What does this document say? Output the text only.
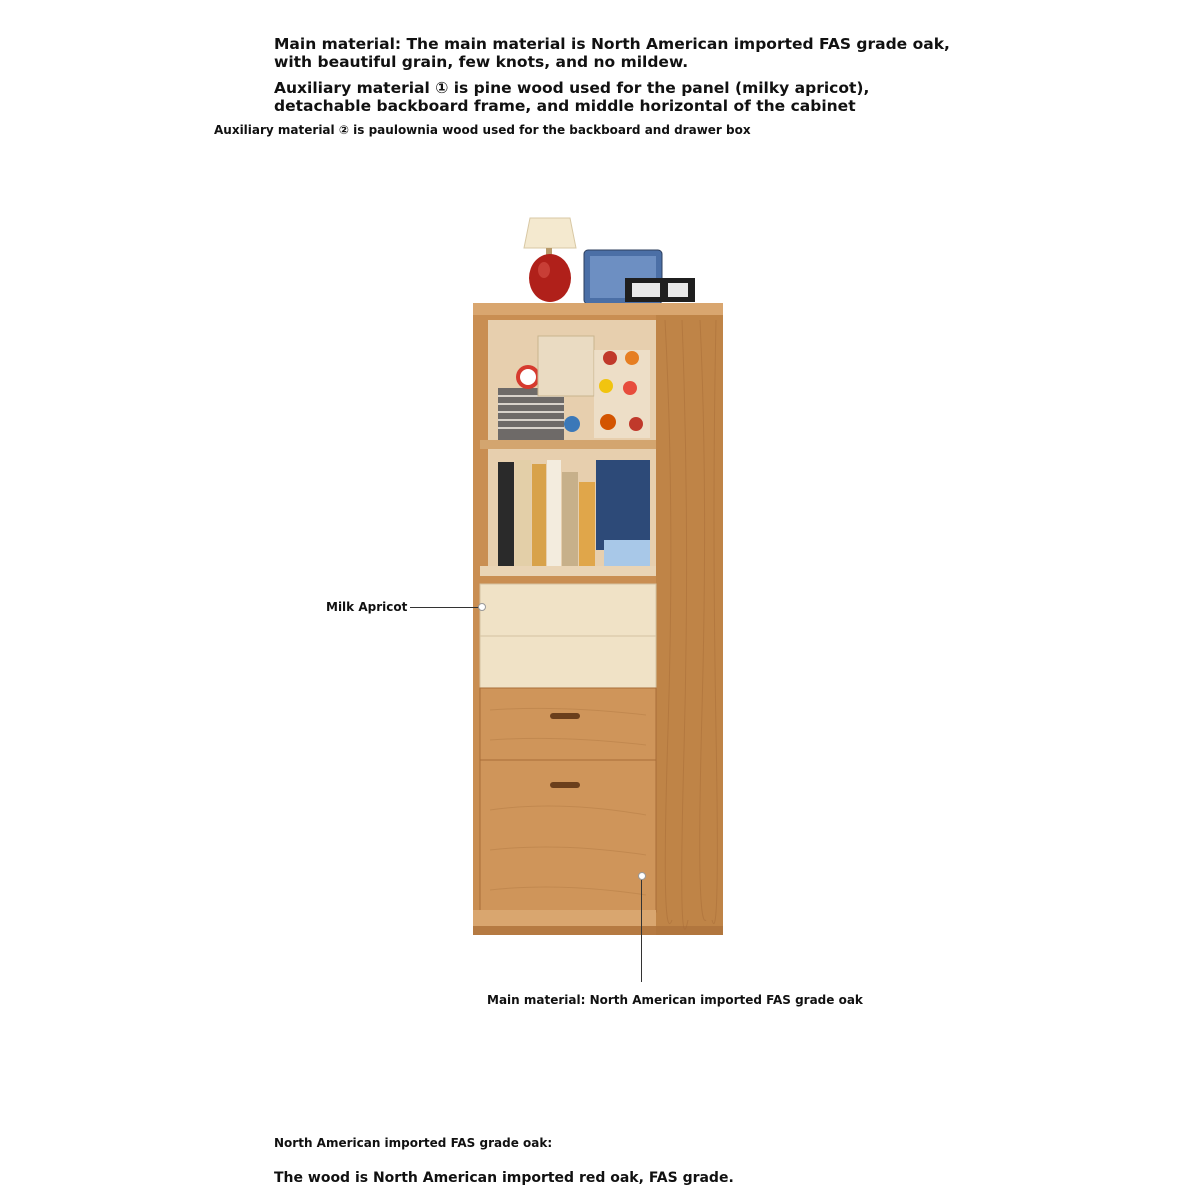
Main material: The main material is North American imported FAS grade oak, with beautiful grain, few knots, and no mildew.
Auxiliary material ① is pine wood used for the panel (milky apricot), detachable backboard frame, and middle horizontal of the cabinet
Auxiliary material ② is paulownia wood used for the backboard and drawer box
Milk Apricot
Main material: North American imported FAS grade oak
North American imported FAS grade oak:
The wood is North American imported red oak, FAS grade.
